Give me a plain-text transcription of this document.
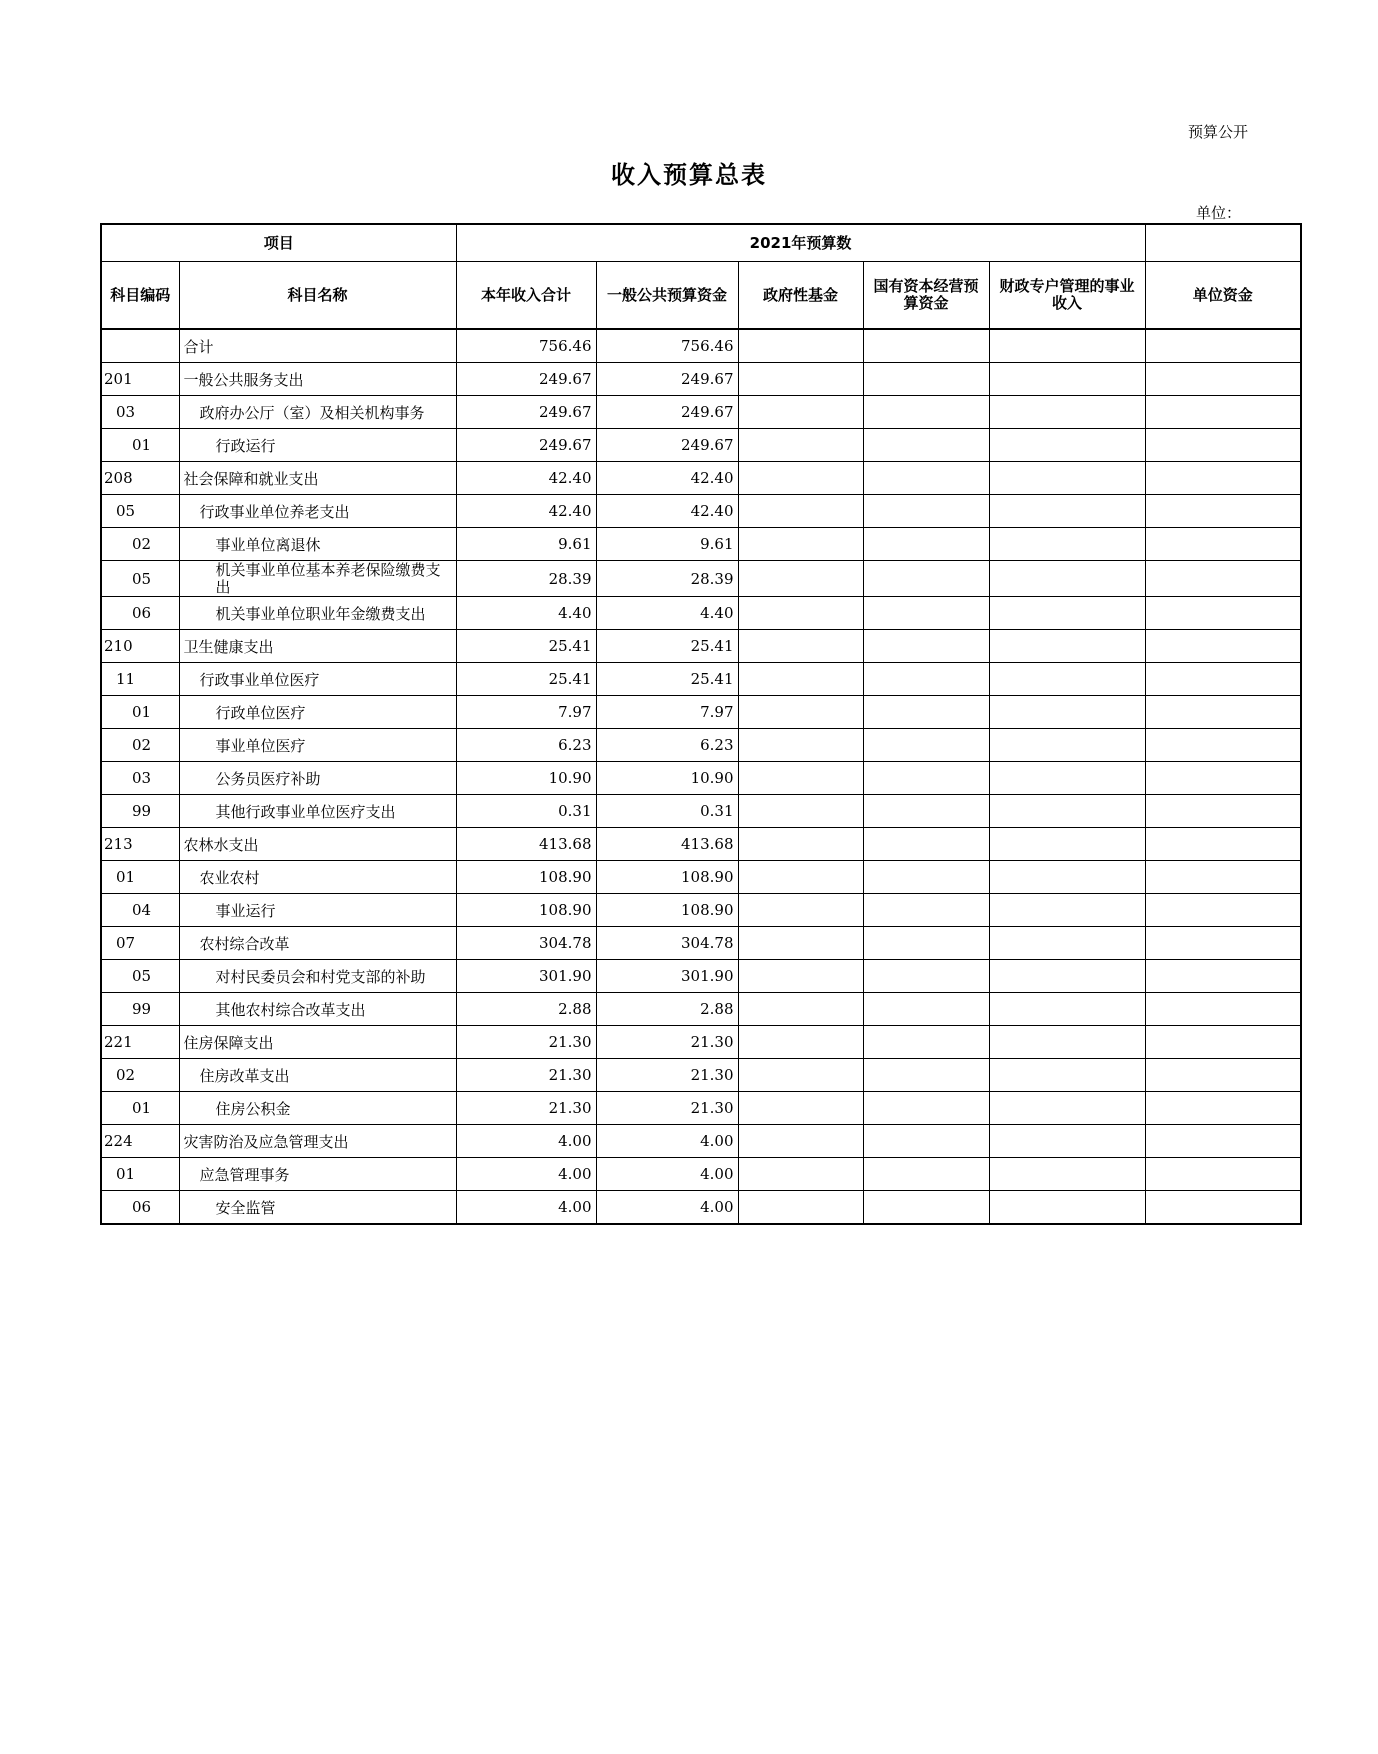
预算公开
收入预算总表
单位：
项目		2021年预算数					
科目编码	科目名称	本年收入合计	一般公共预算资金	政府性基金	国有资本经营预算资金	财政专户管理的事业收入	单位资金
	合计	756.46	756.46				
201	一般公共服务支出	249.67	249.67				
03	政府办公厅（室）及相关机构事务	249.67	249.67				
01	行政运行	249.67	249.67				
208	社会保障和就业支出	42.40	42.40				
05	行政事业单位养老支出	42.40	42.40				
02	事业单位离退休	9.61	9.61				
05	机关事业单位基本养老保险缴费支出	28.39	28.39				
06	机关事业单位职业年金缴费支出	4.40	4.40				
210	卫生健康支出	25.41	25.41				
11	行政事业单位医疗	25.41	25.41				
01	行政单位医疗	7.97	7.97				
02	事业单位医疗	6.23	6.23				
03	公务员医疗补助	10.90	10.90				
99	其他行政事业单位医疗支出	0.31	0.31				
213	农林水支出	413.68	413.68				
01	农业农村	108.90	108.90				
04	事业运行	108.90	108.90				
07	农村综合改革	304.78	304.78				
05	对村民委员会和村党支部的补助	301.90	301.90				
99	其他农村综合改革支出	2.88	2.88				
221	住房保障支出	21.30	21.30				
02	住房改革支出	21.30	21.30				
01	住房公积金	21.30	21.30				
224	灾害防治及应急管理支出	4.00	4.00				
01	应急管理事务	4.00	4.00				
06	安全监管	4.00	4.00				
